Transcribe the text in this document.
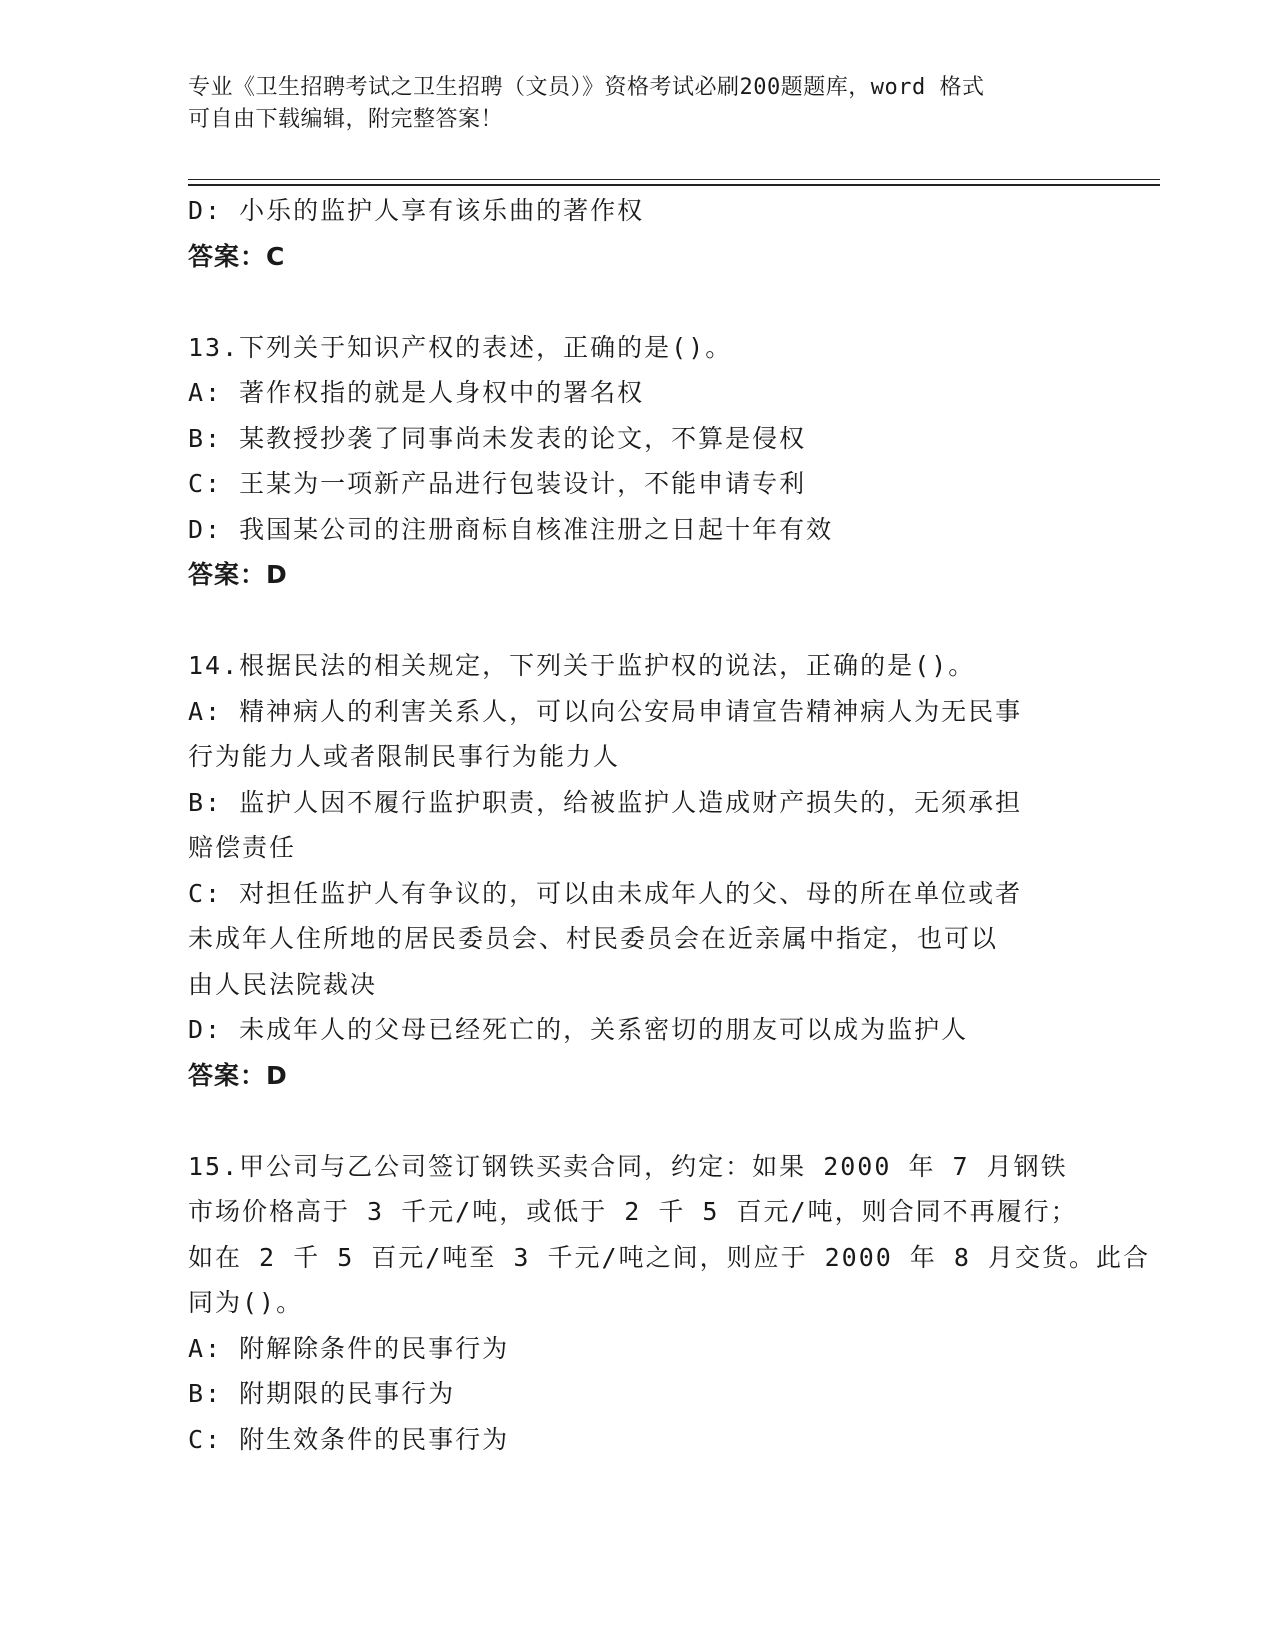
专业《卫生招聘考试之卫生招聘（文员）》资格考试必刷200题题库，word 格式
可自由下载编辑，附完整答案！
D: 小乐的监护人享有该乐曲的著作权
答案：C
13.下列关于知识产权的表述，正确的是()。
A: 著作权指的就是人身权中的署名权
B: 某教授抄袭了同事尚未发表的论文，不算是侵权
C: 王某为一项新产品进行包装设计，不能申请专利
D: 我国某公司的注册商标自核准注册之日起十年有效
答案：D
14.根据民法的相关规定，下列关于监护权的说法，正确的是()。
A: 精神病人的利害关系人，可以向公安局申请宣告精神病人为无民事
行为能力人或者限制民事行为能力人
B: 监护人因不履行监护职责，给被监护人造成财产损失的，无须承担
赔偿责任
C: 对担任监护人有争议的，可以由未成年人的父、母的所在单位或者
未成年人住所地的居民委员会、村民委员会在近亲属中指定，也可以
由人民法院裁决
D: 未成年人的父母已经死亡的，关系密切的朋友可以成为监护人
答案：D
15.甲公司与乙公司签订钢铁买卖合同，约定：如果 2000 年 7 月钢铁
市场价格高于 3 千元/吨，或低于 2 千 5 百元/吨，则合同不再履行；
如在 2 千 5 百元/吨至 3 千元/吨之间，则应于 2000 年 8 月交货。此合
同为()。
A: 附解除条件的民事行为
B: 附期限的民事行为
C: 附生效条件的民事行为
